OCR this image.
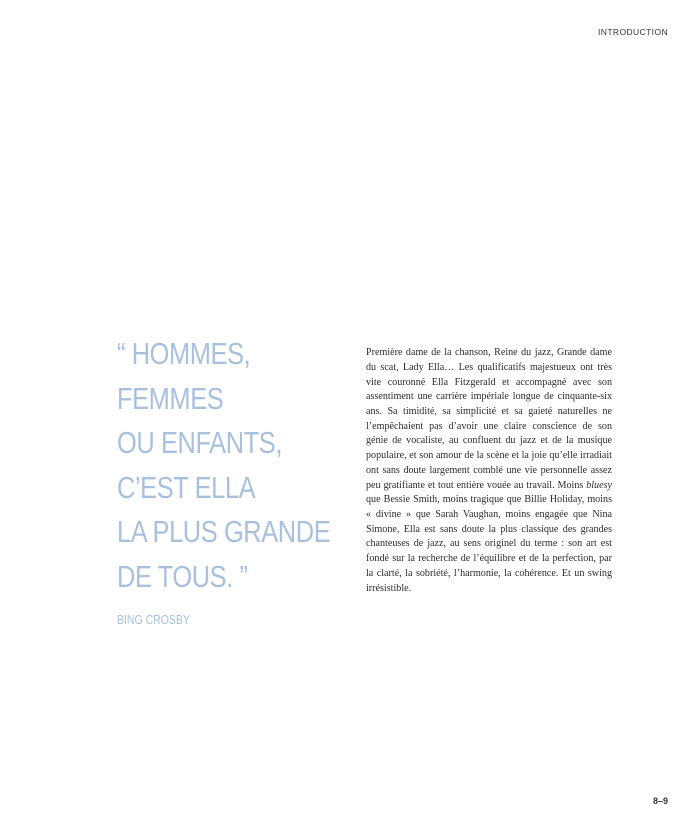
INTRODUCTION
“ HOMMES,
FEMMES
OU ENFANTS,
C’EST ELLA
LA PLUS GRANDE
DE TOUS. ”
BING CROSBY

Première dame de la chanson, Reine du jazz, Grande dame du scat, Lady Ella… Les qualificatifs majestueux ont très vite couronné Ella Fitzgerald et accompagné avec son assentiment une carrière impériale longue de cinquante-six ans. Sa timidité, sa simplicité et sa gaieté naturelles ne l’empêchaient pas d’avoir une claire conscience de son génie de vocaliste, au confluent du jazz et de la musique populaire, et son amour de la scène et la joie qu’elle irradiait ont sans doute largement comblé une vie personnelle assez peu gratifiante et tout entière vouée au travail. Moins bluesy que Bessie Smith, moins tragique que Billie Holiday, moins « divine » que Sarah Vaughan, moins engagée que Nina Simone, Ella est sans doute la plus classique des grandes chanteuses de jazz, au sens originel du terme : son art est fondé sur la recherche de l’équilibre et de la perfection, par la clarté, la sobriété, l’harmonie, la cohérence. Et un swing irrésistible.

8–9
